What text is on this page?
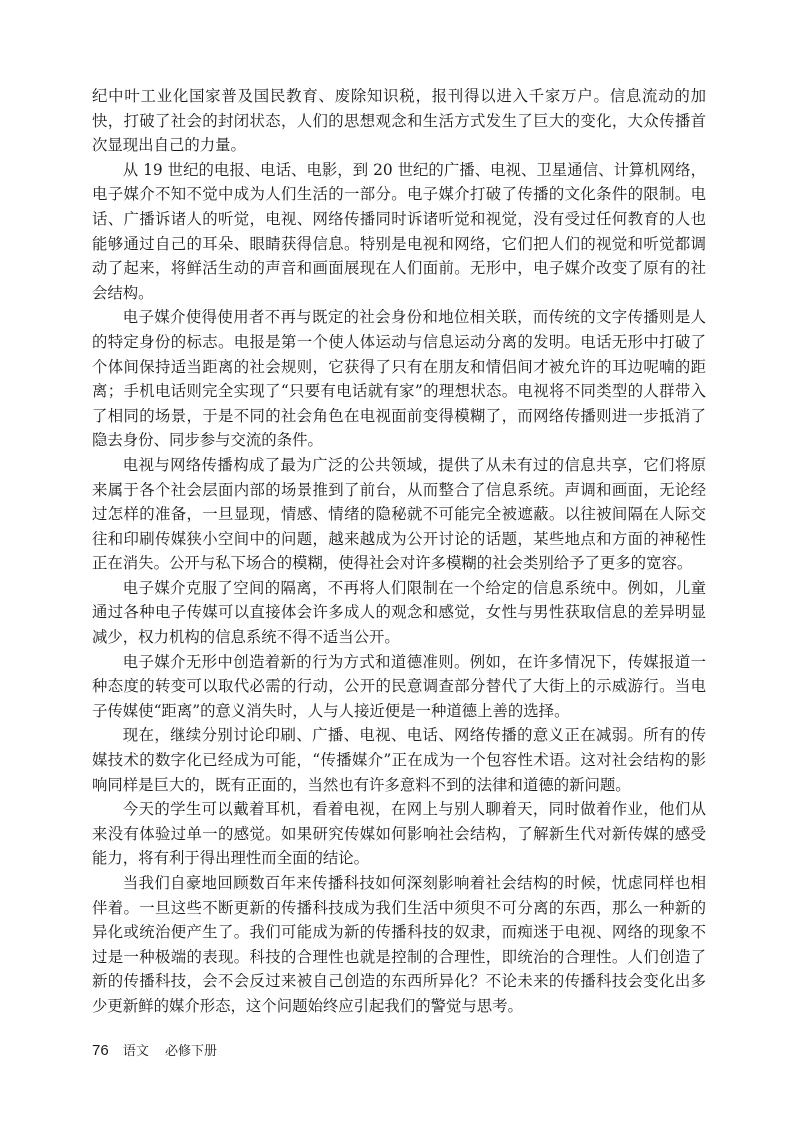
纪中叶工业化国家普及国民教育、废除知识税，报刊得以进入千家万户。信息流动的加快，打破了社会的封闭状态，人们的思想观念和生活方式发生了巨大的变化，大众传播首次显现出自己的力量。

从 19 世纪的电报、电话、电影，到 20 世纪的广播、电视、卫星通信、计算机网络，电子媒介不知不觉中成为人们生活的一部分。电子媒介打破了传播的文化条件的限制。电话、广播诉诸人的听觉，电视、网络传播同时诉诸听觉和视觉，没有受过任何教育的人也能够通过自己的耳朵、眼睛获得信息。特别是电视和网络，它们把人们的视觉和听觉都调动了起来，将鲜活生动的声音和画面展现在人们面前。无形中，电子媒介改变了原有的社会结构。

电子媒介使得使用者不再与既定的社会身份和地位相关联，而传统的文字传播则是人的特定身份的标志。电报是第一个使人体运动与信息运动分离的发明。电话无形中打破了个体间保持适当距离的社会规则，它获得了只有在朋友和情侣间才被允许的耳边呢喃的距离；手机电话则完全实现了“只要有电话就有家”的理想状态。电视将不同类型的人群带入了相同的场景，于是不同的社会角色在电视面前变得模糊了，而网络传播则进一步抵消了隐去身份、同步参与交流的条件。

电视与网络传播构成了最为广泛的公共领域，提供了从未有过的信息共享，它们将原来属于各个社会层面内部的场景推到了前台，从而整合了信息系统。声调和画面，无论经过怎样的准备，一旦显现，情感、情绪的隐秘就不可能完全被遮蔽。以往被间隔在人际交往和印刷传媒狭小空间中的问题，越来越成为公开讨论的话题，某些地点和方面的神秘性正在消失。公开与私下场合的模糊，使得社会对许多模糊的社会类别给予了更多的宽容。

电子媒介克服了空间的隔离，不再将人们限制在一个给定的信息系统中。例如，儿童通过各种电子传媒可以直接体会许多成人的观念和感觉，女性与男性获取信息的差异明显减少，权力机构的信息系统不得不适当公开。

电子媒介无形中创造着新的行为方式和道德准则。例如，在许多情况下，传媒报道一种态度的转变可以取代必需的行动，公开的民意调查部分替代了大街上的示威游行。当电子传媒使“距离”的意义消失时，人与人接近便是一种道德上善的选择。

现在，继续分别讨论印刷、广播、电视、电话、网络传播的意义正在减弱。所有的传媒技术的数字化已经成为可能，“传播媒介”正在成为一个包容性术语。这对社会结构的影响同样是巨大的，既有正面的，当然也有许多意料不到的法律和道德的新问题。

今天的学生可以戴着耳机，看着电视，在网上与别人聊着天，同时做着作业，他们从来没有体验过单一的感觉。如果研究传媒如何影响社会结构，了解新生代对新传媒的感受能力，将有利于得出理性而全面的结论。

当我们自豪地回顾数百年来传播科技如何深刻影响着社会结构的时候，忧虑同样也相伴着。一旦这些不断更新的传播科技成为我们生活中须臾不可分离的东西，那么一种新的异化或统治便产生了。我们可能成为新的传播科技的奴隶，而痴迷于电视、网络的现象不过是一种极端的表现。科技的合理性也就是控制的合理性，即统治的合理性。人们创造了新的传播科技，会不会反过来被自己创造的东西所异化？不论未来的传播科技会变化出多少更新鲜的媒介形态，这个问题始终应引起我们的警觉与思考。

76 语文 必修下册
